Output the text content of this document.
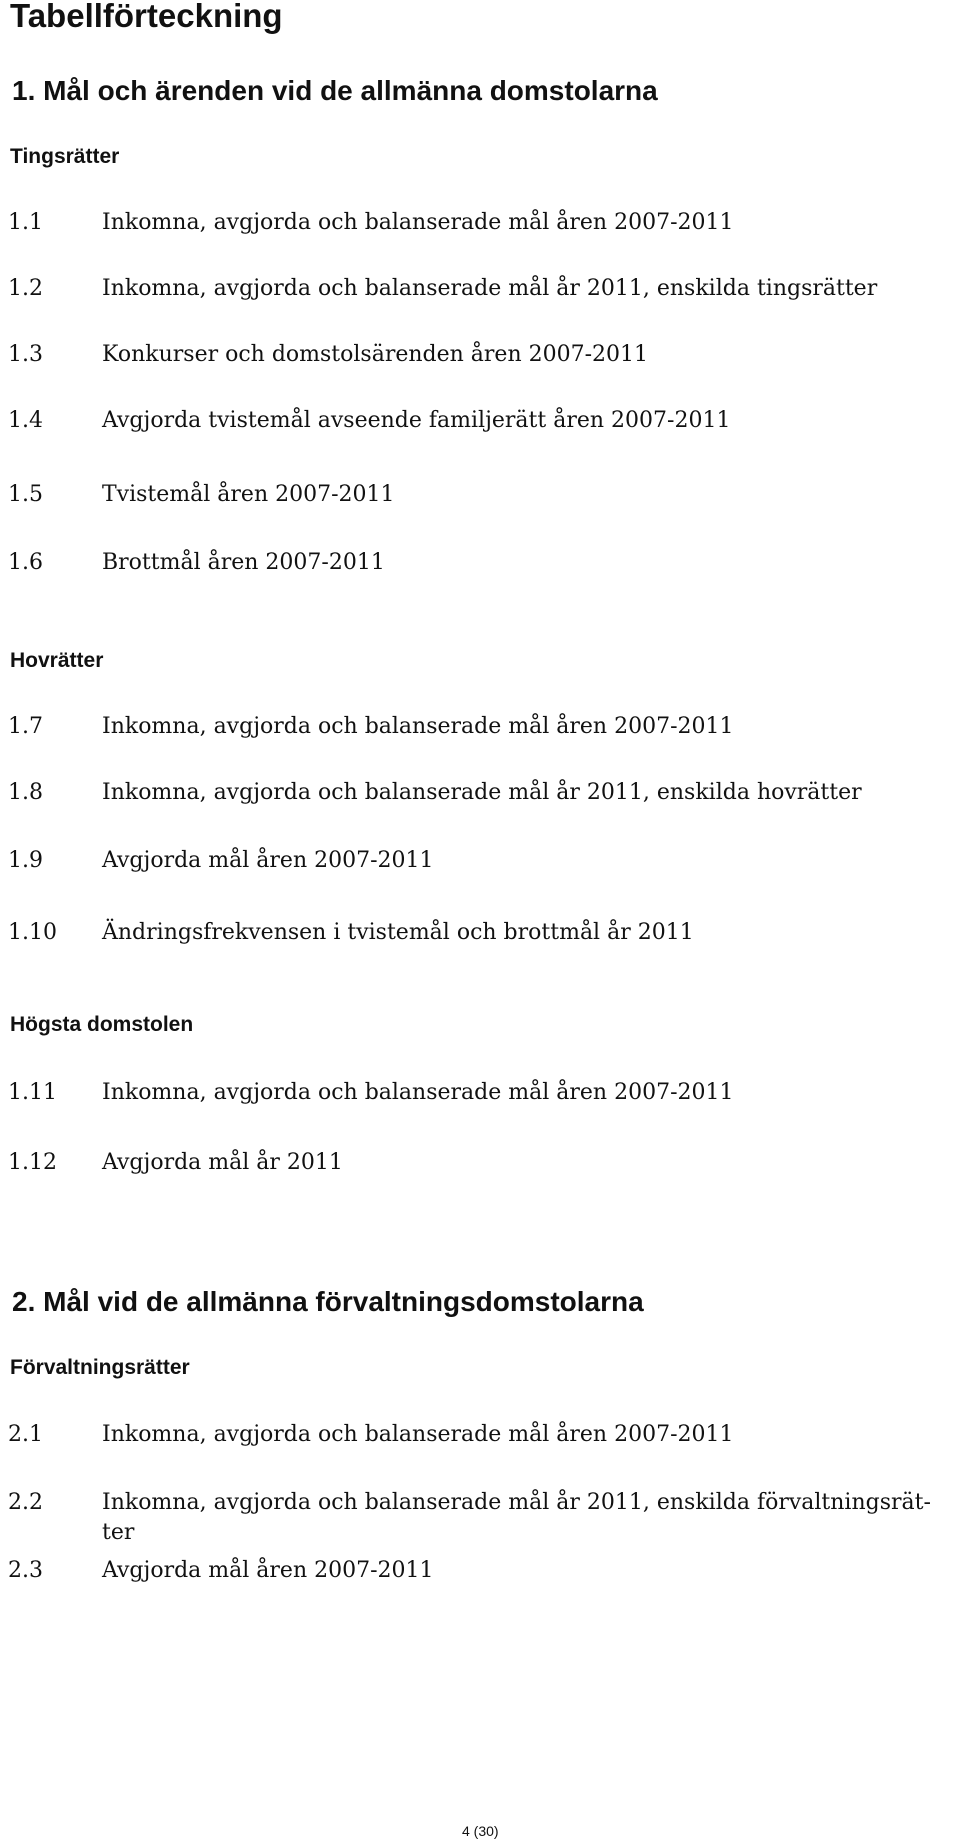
Tabellförteckning
1. Mål och ärenden vid de allmänna domstolarna
Tingsrätter
1.1	Inkomna, avgjorda och balanserade mål åren 2007-2011
1.2	Inkomna, avgjorda och balanserade mål år 2011, enskilda tingsrätter
1.3	Konkurser och domstolsärenden åren 2007-2011
1.4	Avgjorda tvistemål avseende familjerätt åren 2007-2011
1.5	Tvistemål åren 2007-2011
1.6	Brottmål åren 2007-2011
Hovrätter
1.7	Inkomna, avgjorda och balanserade mål åren 2007-2011
1.8	Inkomna, avgjorda och balanserade mål år 2011, enskilda hovrätter
1.9	Avgjorda mål åren 2007-2011
1.10 Ändringsfrekvensen i tvistemål och brottmål år 2011
Högsta domstolen
1.11 Inkomna, avgjorda och balanserade mål åren 2007-2011
1.12 Avgjorda mål år 2011
2. Mål vid de allmänna förvaltningsdomstolarna
Förvaltningsrätter
2.1	Inkomna, avgjorda och balanserade mål åren 2007-2011
2.2	Inkomna, avgjorda och balanserade mål år 2011, enskilda förvaltningsrät-ter
2.3	Avgjorda mål åren 2007-2011
4 (30)
